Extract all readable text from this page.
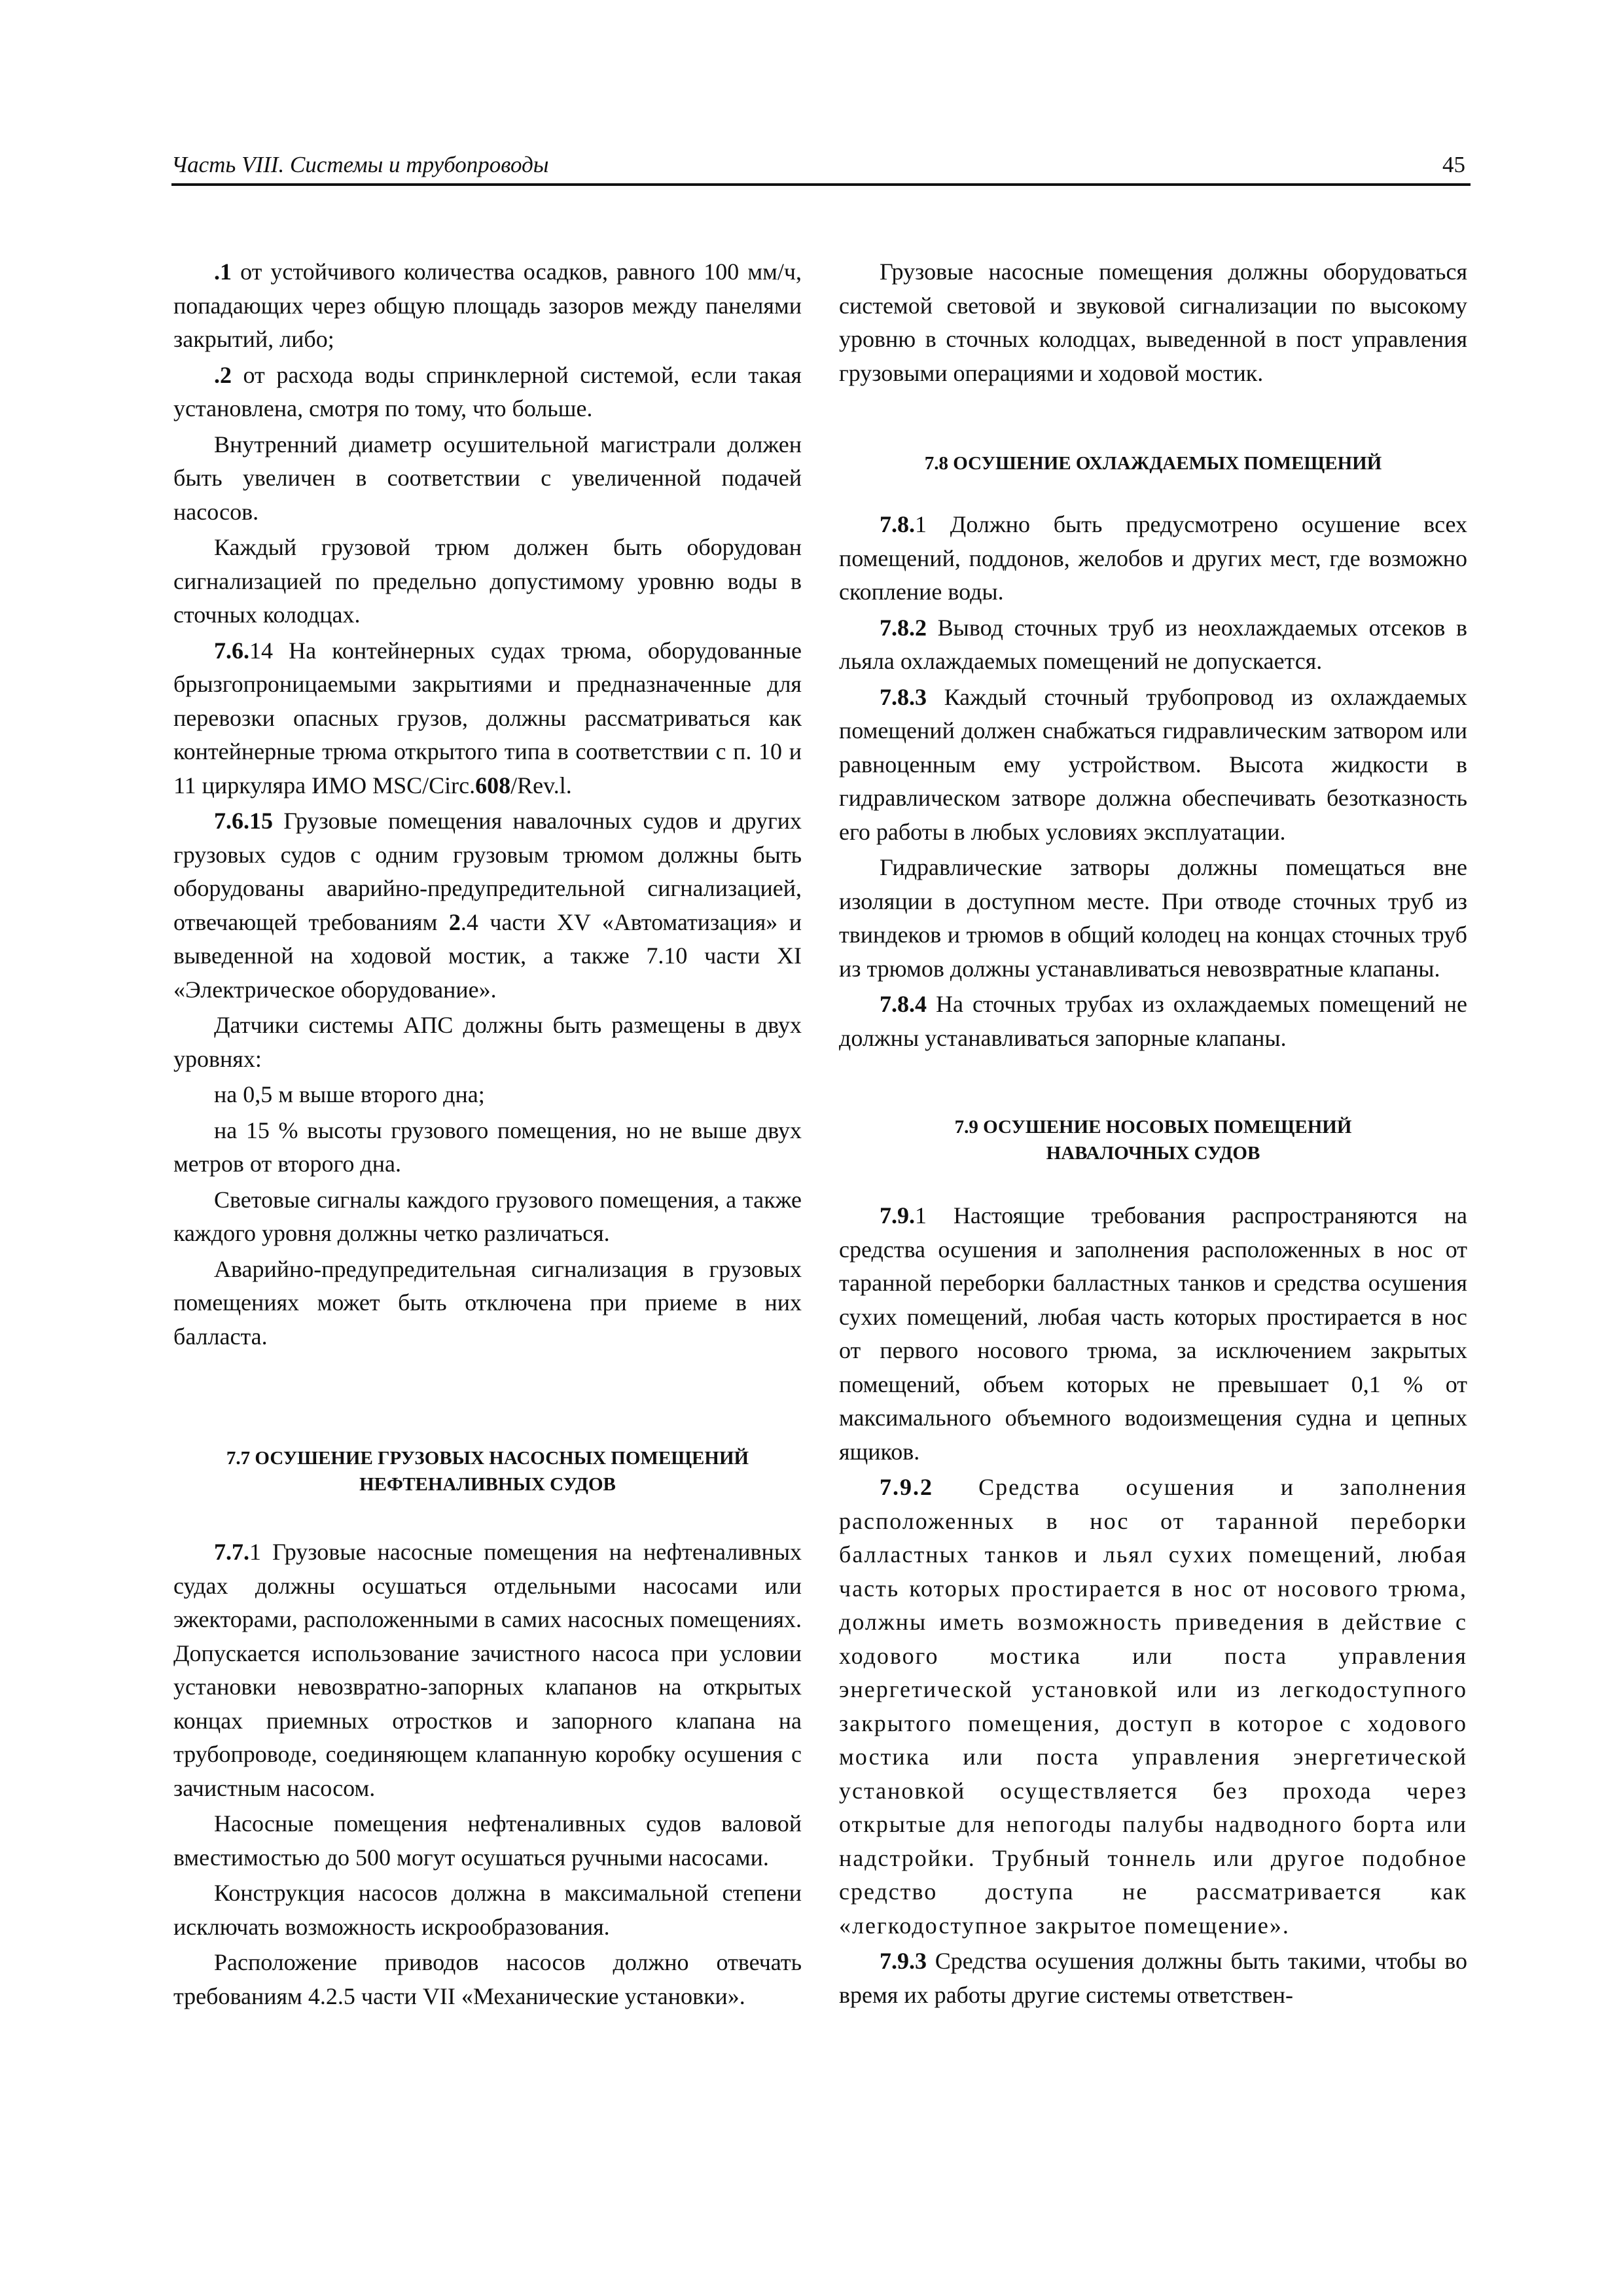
Часть VIII. Системы и трубопроводы	45

.1 от устойчивого количества осадков, равного 100 мм/ч, попадающих через общую площадь зазоров между панелями закрытий, либо;

.2 от расхода воды спринклерной системой, если такая установлена, смотря по тому, что больше.

Внутренний диаметр осушительной магистрали должен быть увеличен в соответствии с увеличенной подачей насосов.

Каждый грузовой трюм должен быть оборудован сигнализацией по предельно допустимому уровню воды в сточных колодцах.

7.6.14 На контейнерных судах трюма, оборудованные брызгопроницаемыми закрытиями и предназначенные для перевозки опасных грузов, должны рассматриваться как контейнерные трюма открытого типа в соответствии с п. 10 и 11 циркуляра ИМО MSC/Circ.608/Rev.l.

7.6.15 Грузовые помещения навалочных судов и других грузовых судов с одним грузовым трюмом должны быть оборудованы аварийно-предупредительной сигнализацией, отвечающей требованиям 2.4 части XV «Автоматизация» и выведенной на ходовой мостик, а также 7.10 части XI «Электрическое оборудование».

Датчики системы АПС должны быть размещены в двух уровнях:

на 0,5 м выше второго дна;

на 15 % высоты грузового помещения, но не выше двух метров от второго дна.

Световые сигналы каждого грузового помещения, а также каждого уровня должны четко различаться.

Аварийно-предупредительная сигнализация в грузовых помещениях может быть отключена при приеме в них балласта.

7.7 ОСУШЕНИЕ ГРУЗОВЫХ НАСОСНЫХ ПОМЕЩЕНИЙ
НЕФТЕНАЛИВНЫХ СУДОВ

7.7.1 Грузовые насосные помещения на нефтеналивных судах должны осушаться отдельными насосами или эжекторами, расположенными в самих насосных помещениях. Допускается использование зачистного насоса при условии установки невозвратно-запорных клапанов на открытых концах приемных отростков и запорного клапана на трубопроводе, соединяющем клапанную коробку осушения с зачистным насосом.

Насосные помещения нефтеналивных судов валовой вместимостью до 500 могут осушаться ручными насосами.

Конструкция насосов должна в максимальной степени исключать возможность искрообразования.

Расположение приводов насосов должно отвечать требованиям 4.2.5 части VII «Механические установки».

Грузовые насосные помещения должны оборудоваться системой световой и звуковой сигнализации по высокому уровню в сточных колодцах, выведенной в пост управления грузовыми операциями и ходовой мостик.

7.8 ОСУШЕНИЕ ОХЛАЖДАЕМЫХ ПОМЕЩЕНИЙ

7.8.1 Должно быть предусмотрено осушение всех помещений, поддонов, желобов и других мест, где возможно скопление воды.

7.8.2 Вывод сточных труб из неохлаждаемых отсеков в льяла охлаждаемых помещений не допускается.

7.8.3 Каждый сточный трубопровод из охлаждаемых помещений должен снабжаться гидравлическим затвором или равноценным ему устройством. Высота жидкости в гидравлическом затворе должна обеспечивать безотказность его работы в любых условиях эксплуатации.

Гидравлические затворы должны помещаться вне изоляции в доступном месте. При отводе сточных труб из твиндеков и трюмов в общий колодец на концах сточных труб из трюмов должны устанавливаться невозвратные клапаны.

7.8.4 На сточных трубах из охлаждаемых помещений не должны устанавливаться запорные клапаны.

7.9 ОСУШЕНИЕ НОСОВЫХ ПОМЕЩЕНИЙ
НАВАЛОЧНЫХ СУДОВ

7.9.1 Настоящие требования распространяются на средства осушения и заполнения расположенных в нос от таранной переборки балластных танков и средства осушения сухих помещений, любая часть которых простирается в нос от первого носового трюма, за исключением закрытых помещений, объем которых не превышает 0,1 % от максимального объемного водоизмещения судна и цепных ящиков.

7.9.2 Средства осушения и заполнения расположенных в нос от таранной переборки балластных танков и льял сухих помещений, любая часть которых простирается в нос от носового трюма, должны иметь возможность приведения в действие с ходового мостика или поста управления энергетической установкой или из легкодоступного закрытого помещения, доступ в которое с ходового мостика или поста управления энергетической установкой осуществляется без прохода через открытые для непогоды палубы надводного борта или надстройки. Трубный тоннель или другое подобное средство доступа не рассматривается как «легкодоступное закрытое помещение».

7.9.3 Средства осушения должны быть такими, чтобы во время их работы другие системы ответствен-
